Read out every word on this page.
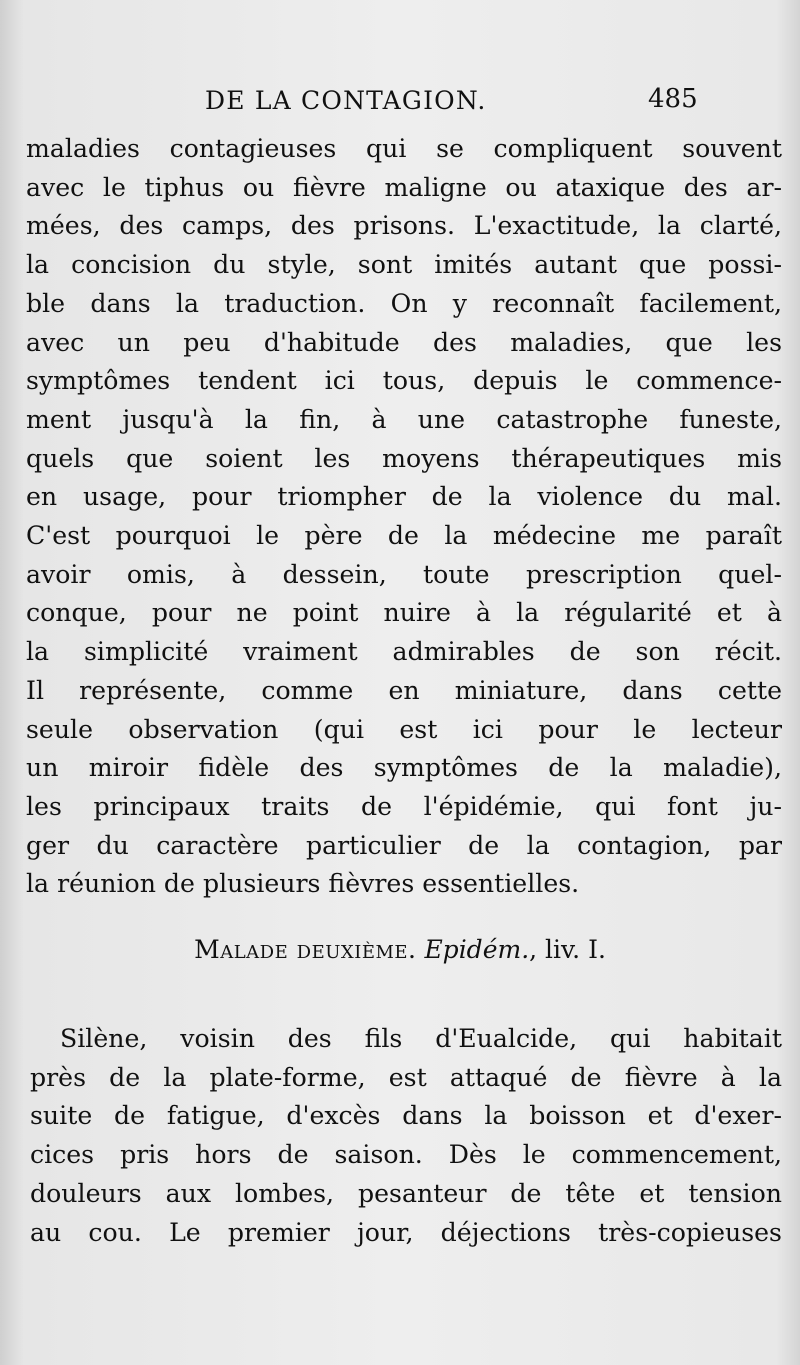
DE LA CONTAGION.	485
maladies contagieuses qui se compliquent souvent
avec le tiphus ou fièvre maligne ou ataxique des ar-
mées, des camps, des prisons. L'exactitude, la clarté,
la concision du style, sont imités autant que possi-
ble dans la traduction. On y reconnaît facilement,
avec un peu d'habitude des maladies, que les
symptômes tendent ici tous, depuis le commence-
ment jusqu'à la fin, à une catastrophe funeste,
quels que soient les moyens thérapeutiques mis
en usage, pour triompher de la violence du mal.
C'est pourquoi le père de la médecine me paraît
avoir omis, à dessein, toute prescription quel-
conque, pour ne point nuire à la régularité et à
la simplicité vraiment admirables de son récit.
Il représente, comme en miniature, dans cette
seule observation (qui est ici pour le lecteur
un miroir fidèle des symptômes de la maladie),
les principaux traits de l'épidémie, qui font ju-
ger du caractère particulier de la contagion, par
la réunion de plusieurs fièvres essentielles.
Malade deuxième. Epidém., liv. I.
Silène, voisin des fils d'Eualcide, qui habitait
près de la plate-forme, est attaqué de fièvre à la
suite de fatigue, d'excès dans la boisson et d'exer-
cices pris hors de saison. Dès le commencement,
douleurs aux lombes, pesanteur de tête et tension
au cou. Le premier jour, déjections très-copieuses
